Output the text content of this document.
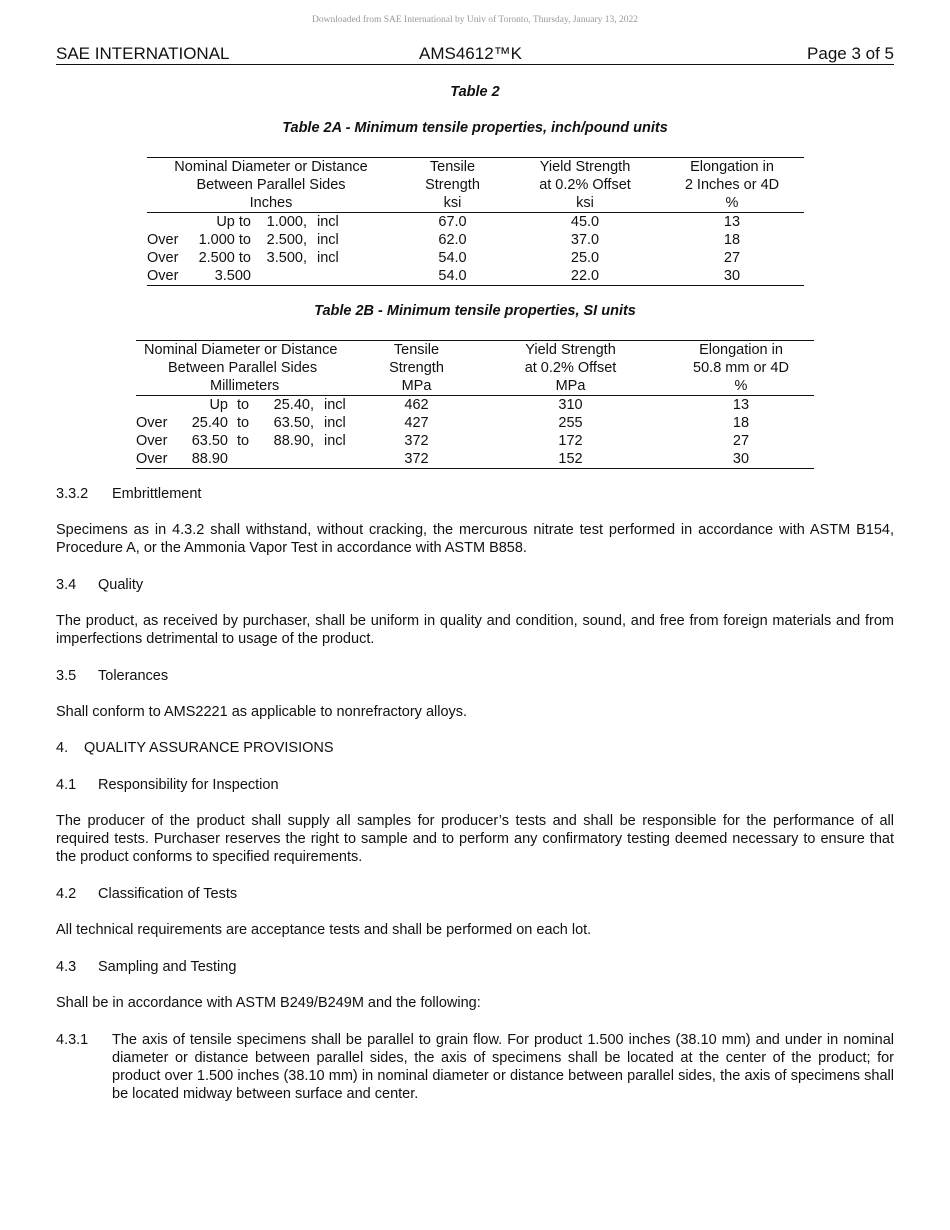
Downloaded from SAE International by Univ of Toronto, Thursday, January 13, 2022
SAE INTERNATIONAL	AMS4612™K	Page 3 of 5
Table 2
Table 2A - Minimum tensile properties, inch/pound units
Nominal Diameter or Distance				Tensile	Yield Strength	Elongation in
Between Parallel Sides				Strength	at 0.2% Offset	2 Inches or 4D
Inches				ksi	ksi	%
	Up to	1.000,	incl	67.0	45.0	13
Over	1.000 to	2.500,	incl	62.0	37.0	18
Over	2.500 to	3.500,	incl	54.0	25.0	27
Over	3.500			54.0	22.0	30
Table 2B - Minimum tensile properties, SI units
Nominal Diameter or Distance					Tensile	Yield Strength	Elongation in
Between Parallel Sides					Strength	at 0.2% Offset	50.8 mm or 4D
Millimeters					MPa	MPa	%
	Up	to	25.40,	incl	462	310	13
Over	25.40	to	63.50,	incl	427	255	18
Over	63.50	to	88.90,	incl	372	172	27
Over	88.90				372	152	30
3.3.2 Embrittlement
Specimens as in 4.3.2 shall withstand, without cracking, the mercurous nitrate test performed in accordance with ASTM B154, Procedure A, or the Ammonia Vapor Test in accordance with ASTM B858.
3.4 Quality
The product, as received by purchaser, shall be uniform in quality and condition, sound, and free from foreign materials and from imperfections detrimental to usage of the product.
3.5 Tolerances
Shall conform to AMS2221 as applicable to nonrefractory alloys.
4. QUALITY ASSURANCE PROVISIONS
4.1 Responsibility for Inspection
The producer of the product shall supply all samples for producer’s tests and shall be responsible for the performance of all required tests. Purchaser reserves the right to sample and to perform any confirmatory testing deemed necessary to ensure that the product conforms to specified requirements.
4.2 Classification of Tests
All technical requirements are acceptance tests and shall be performed on each lot.
4.3 Sampling and Testing
Shall be in accordance with ASTM B249/B249M and the following:
4.3.1 The axis of tensile specimens shall be parallel to grain flow. For product 1.500 inches (38.10 mm) and under in nominal diameter or distance between parallel sides, the axis of specimens shall be located at the center of the product; for product over 1.500 inches (38.10 mm) in nominal diameter or distance between parallel sides, the axis of specimens shall be located midway between surface and center.
